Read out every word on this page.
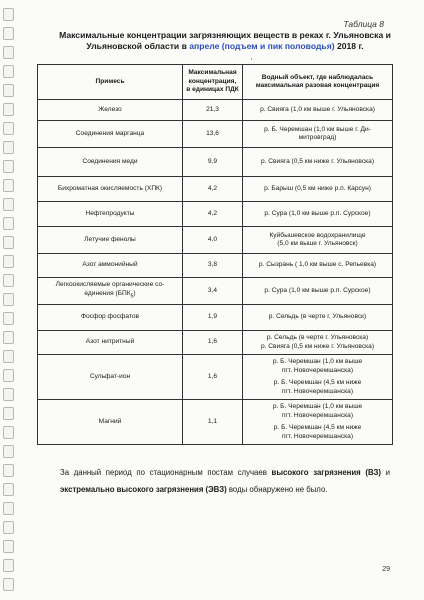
Таблица 8
Максимальные концентрации загрязняющих веществ в реках г. Ульяновска и Ульяновской области в апреле (подъем и пик половодья) 2018 г.
'
Примесь	Максимальная концентрация, в единицах ПДК	Водный объект, где наблюдалась максимальная разовая концентрация
Железо	21,3	р. Свияга (1,0 км выше г. Ульяновска)

Соединения марганца	13,6	р. Б. Черемшан (1,0 км выше г. Ди-
митровград)

Соединения меди	9,9	р. Свияга (0,5 км ниже г. Ульяновска)

Бихроматная окисляемость (ХПК)	4,2	р. Барыш (0,5 км ниже р.п. Карсун)

Нефтепродукты	4,2	р. Сура (1,0 км выше р.п. Сурское)

Летучие фенолы	4,0	Куйбышевское водохранилище
(5,0 км выше г. Ульяновск)

Азот аммонийный	3,8	р. Сызрань ( 1,0 км выше с. Репьевка)

Легкоокисляемые органические со-
единения $(БПК_5)$	3,4	р. Сура (1,0 км выше р.п. Сурское)

Фосфор фосфатов	1,9	р. Сельдь (в черте г. Ульяновск)

Азот нитритный	1,6	р. Сельдь (в черте г. Ульяновска)
р. Свияга (0,5 км ниже г. Ульяновска)

Сульфат-ион	1,6	р. Б. Черемшан (1,0 км выше
пгт. Новочеремшанска)
р. Б. Черемшан (4,5 км ниже
пгт. Новочеремшанска)

Магний	1,1	р. Б. Черемшан (1,0 км выше
пгт. Новочеремшанска)
р. Б. Черемшан (4,5 км ниже
пгт. Новочеремшанска)
За данный период по стационарным постам случаев высокого загрязнения (ВЗ) и экстремально высокого загрязнения (ЭВЗ) воды обнаружено не было.
29
